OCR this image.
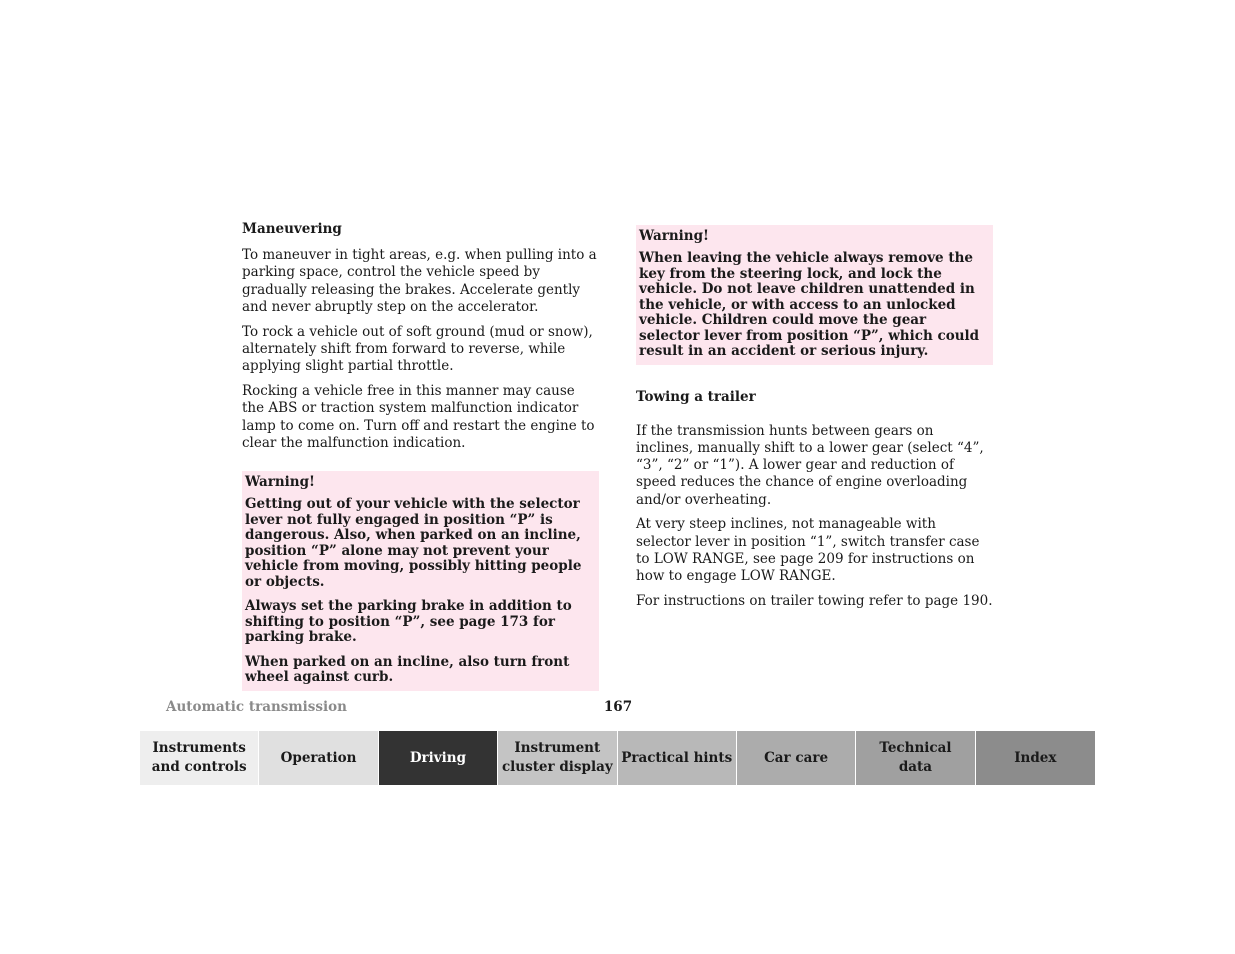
Maneuvering

To maneuver in tight areas, e.g. when pulling into a parking space, control the vehicle speed by gradually releasing the brakes. Accelerate gently and never abruptly step on the accelerator.

To rock a vehicle out of soft ground (mud or snow), alternately shift from forward to reverse, while applying slight partial throttle.

Rocking a vehicle free in this manner may cause the ABS or traction system malfunction indicator lamp to come on. Turn off and restart the engine to clear the malfunction indication.

Warning!

Getting out of your vehicle with the selector lever not fully engaged in position “P” is dangerous. Also, when parked on an incline, position “P” alone may not prevent your vehicle from moving, possibly hitting people or objects.

Always set the parking brake in addition to shifting to position “P”, see page 173 for parking brake.

When parked on an incline, also turn front wheel against curb.

Warning!

When leaving the vehicle always remove the key from the steering lock, and lock the vehicle. Do not leave children unattended in the vehicle, or with access to an unlocked vehicle. Children could move the gear selector lever from position “P”, which could result in an accident or serious injury.

Towing a trailer

If the transmission hunts between gears on inclines, manually shift to a lower gear (select “4”, “3”, “2” or “1”). A lower gear and reduction of speed reduces the chance of engine overloading and/or overheating.

At very steep inclines, not manageable with selector lever in position “1”, switch transfer case to LOW RANGE, see page 209 for instructions on how to engage LOW RANGE.

For instructions on trailer towing refer to page 190.

Automatic transmission	167
Instruments
and controls
Operation	Driving
Instrument
cluster display
Practical hints Car care
Technical
data
Index
